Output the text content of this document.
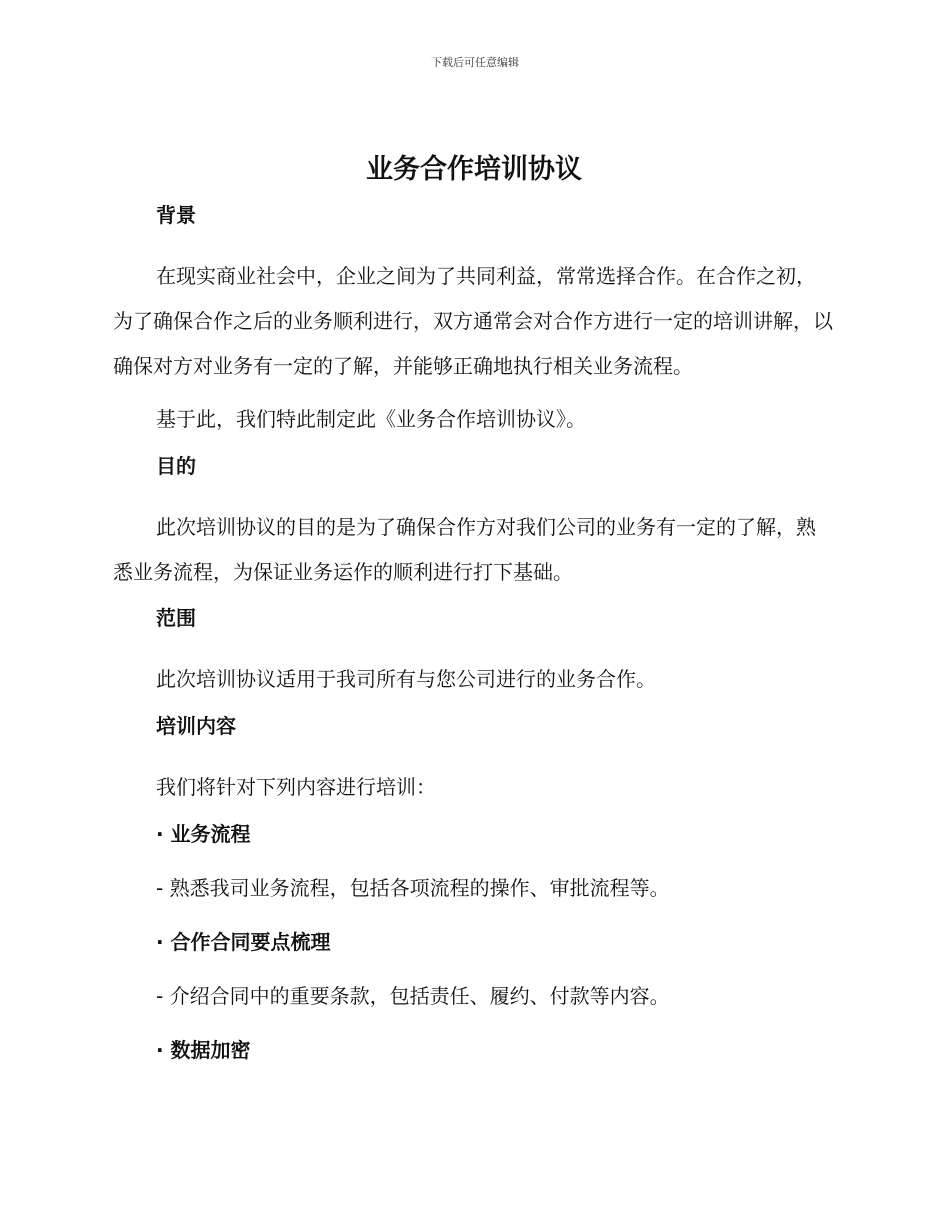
下载后可任意编辑
业务合作培训协议
背景

在现实商业社会中，企业之间为了共同利益，常常选择合作。在合作之初，为了确保合作之后的业务顺利进行，双方通常会对合作方进行一定的培训讲解，以确保对方对业务有一定的了解，并能够正确地执行相关业务流程。

基于此，我们特此制定此《业务合作培训协议》。

目的

此次培训协议的目的是为了确保合作方对我们公司的业务有一定的了解，熟悉业务流程，为保证业务运作的顺利进行打下基础。

范围

此次培训协议适用于我司所有与您公司进行的业务合作。

培训内容

我们将针对下列内容进行培训：

· 业务流程
- 熟悉我司业务流程，包括各项流程的操作、审批流程等。
· 合作合同要点梳理
- 介绍合同中的重要条款，包括责任、履约、付款等内容。
· 数据加密
